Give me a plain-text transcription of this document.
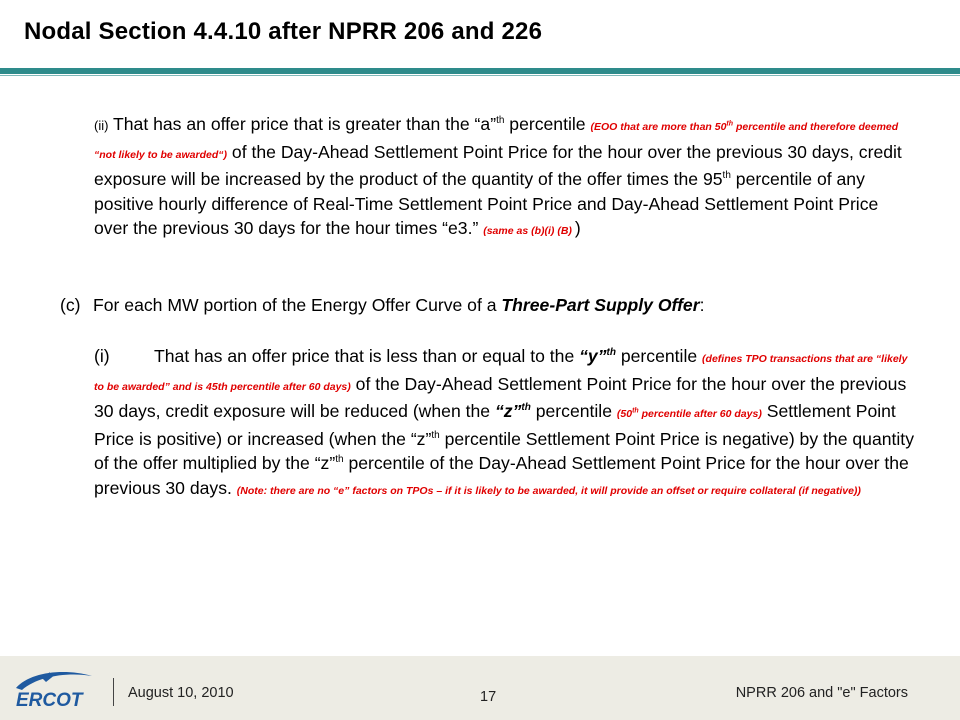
Nodal Section 4.4.10 after NPRR 206 and 226
(ii) That has an offer price that is greater than the “a”$^{th}$ percentile (EOO that are more than 50th percentile and therefore deemed “not likely to be awarded“) of the Day-Ahead Settlement Point Price for the hour over the previous 30 days, credit exposure will be increased by the product of the quantity of the offer times the 95th percentile of any positive hourly difference of Real-Time Settlement Point Price and Day-Ahead Settlement Point Price over the previous 30 days for the hour times “e3.” (same as (b)(i) (B) )
(c) For each MW portion of the Energy Offer Curve of a Three-Part Supply Offer:
(i)	That has an offer price that is less than or equal to the “y”$^{th}$ percentile (defines TPO transactions that are “likely to be awarded” and is 45th percentile after 60 days) of the Day-Ahead Settlement Point Price for the hour over the previous 30 days, credit exposure will be reduced (when the “z”$^{th}$ percentile (50th percentile after 60 days) Settlement Point Price is positive) or increased (when the “z”$^{th}$ percentile Settlement Point Price is negative) by the quantity of the offer multiplied by the “z”$^{th}$ percentile of the Day-Ahead Settlement Point Price for the hour over the previous 30 days. (Note: there are no “e” factors on TPOs – if it is likely to be awarded, it will provide an offset or require collateral (if negative))
ERCOT	August 10, 2010	17	NPRR 206 and "e" Factors
